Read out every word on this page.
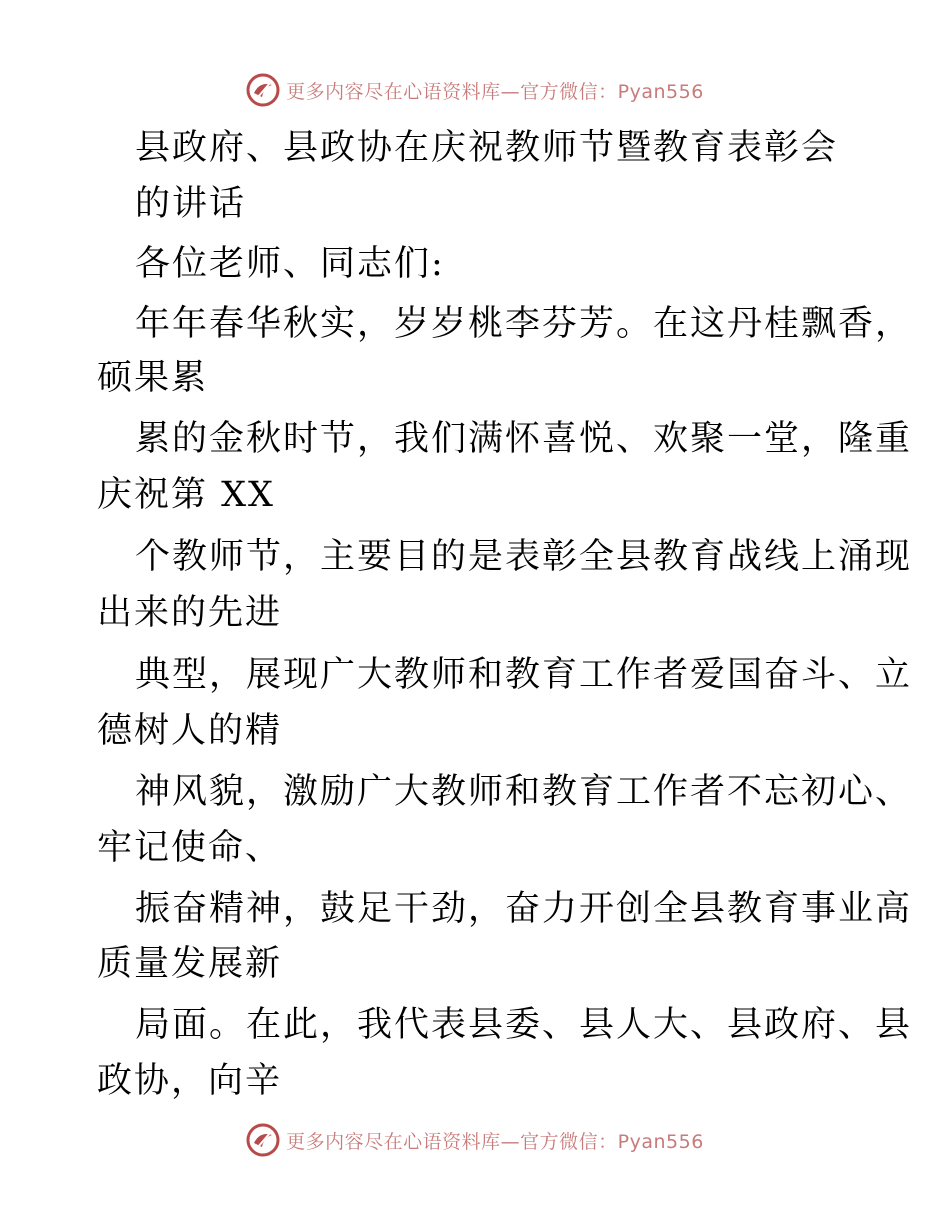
更多内容尽在心语资料库—官方微信：Pyan556
县政府、县政协在庆祝教师节暨教育表彰会
的讲话
各位老师、同志们:
年年春华秋实，岁岁桃李芬芳。在这丹桂飘香，
硕果累
累的金秋时节，我们满怀喜悦、欢聚一堂，隆重
庆祝第 XX
个教师节，主要目的是表彰全县教育战线上涌现
出来的先进
典型，展现广大教师和教育工作者爱国奋斗、立
德树人的精
神风貌，激励广大教师和教育工作者不忘初心、
牢记使命、
振奋精神，鼓足干劲，奋力开创全县教育事业高
质量发展新
局面。在此，我代表县委、县人大、县政府、县
政协，向辛
更多内容尽在心语资料库—官方微信：Pyan556
